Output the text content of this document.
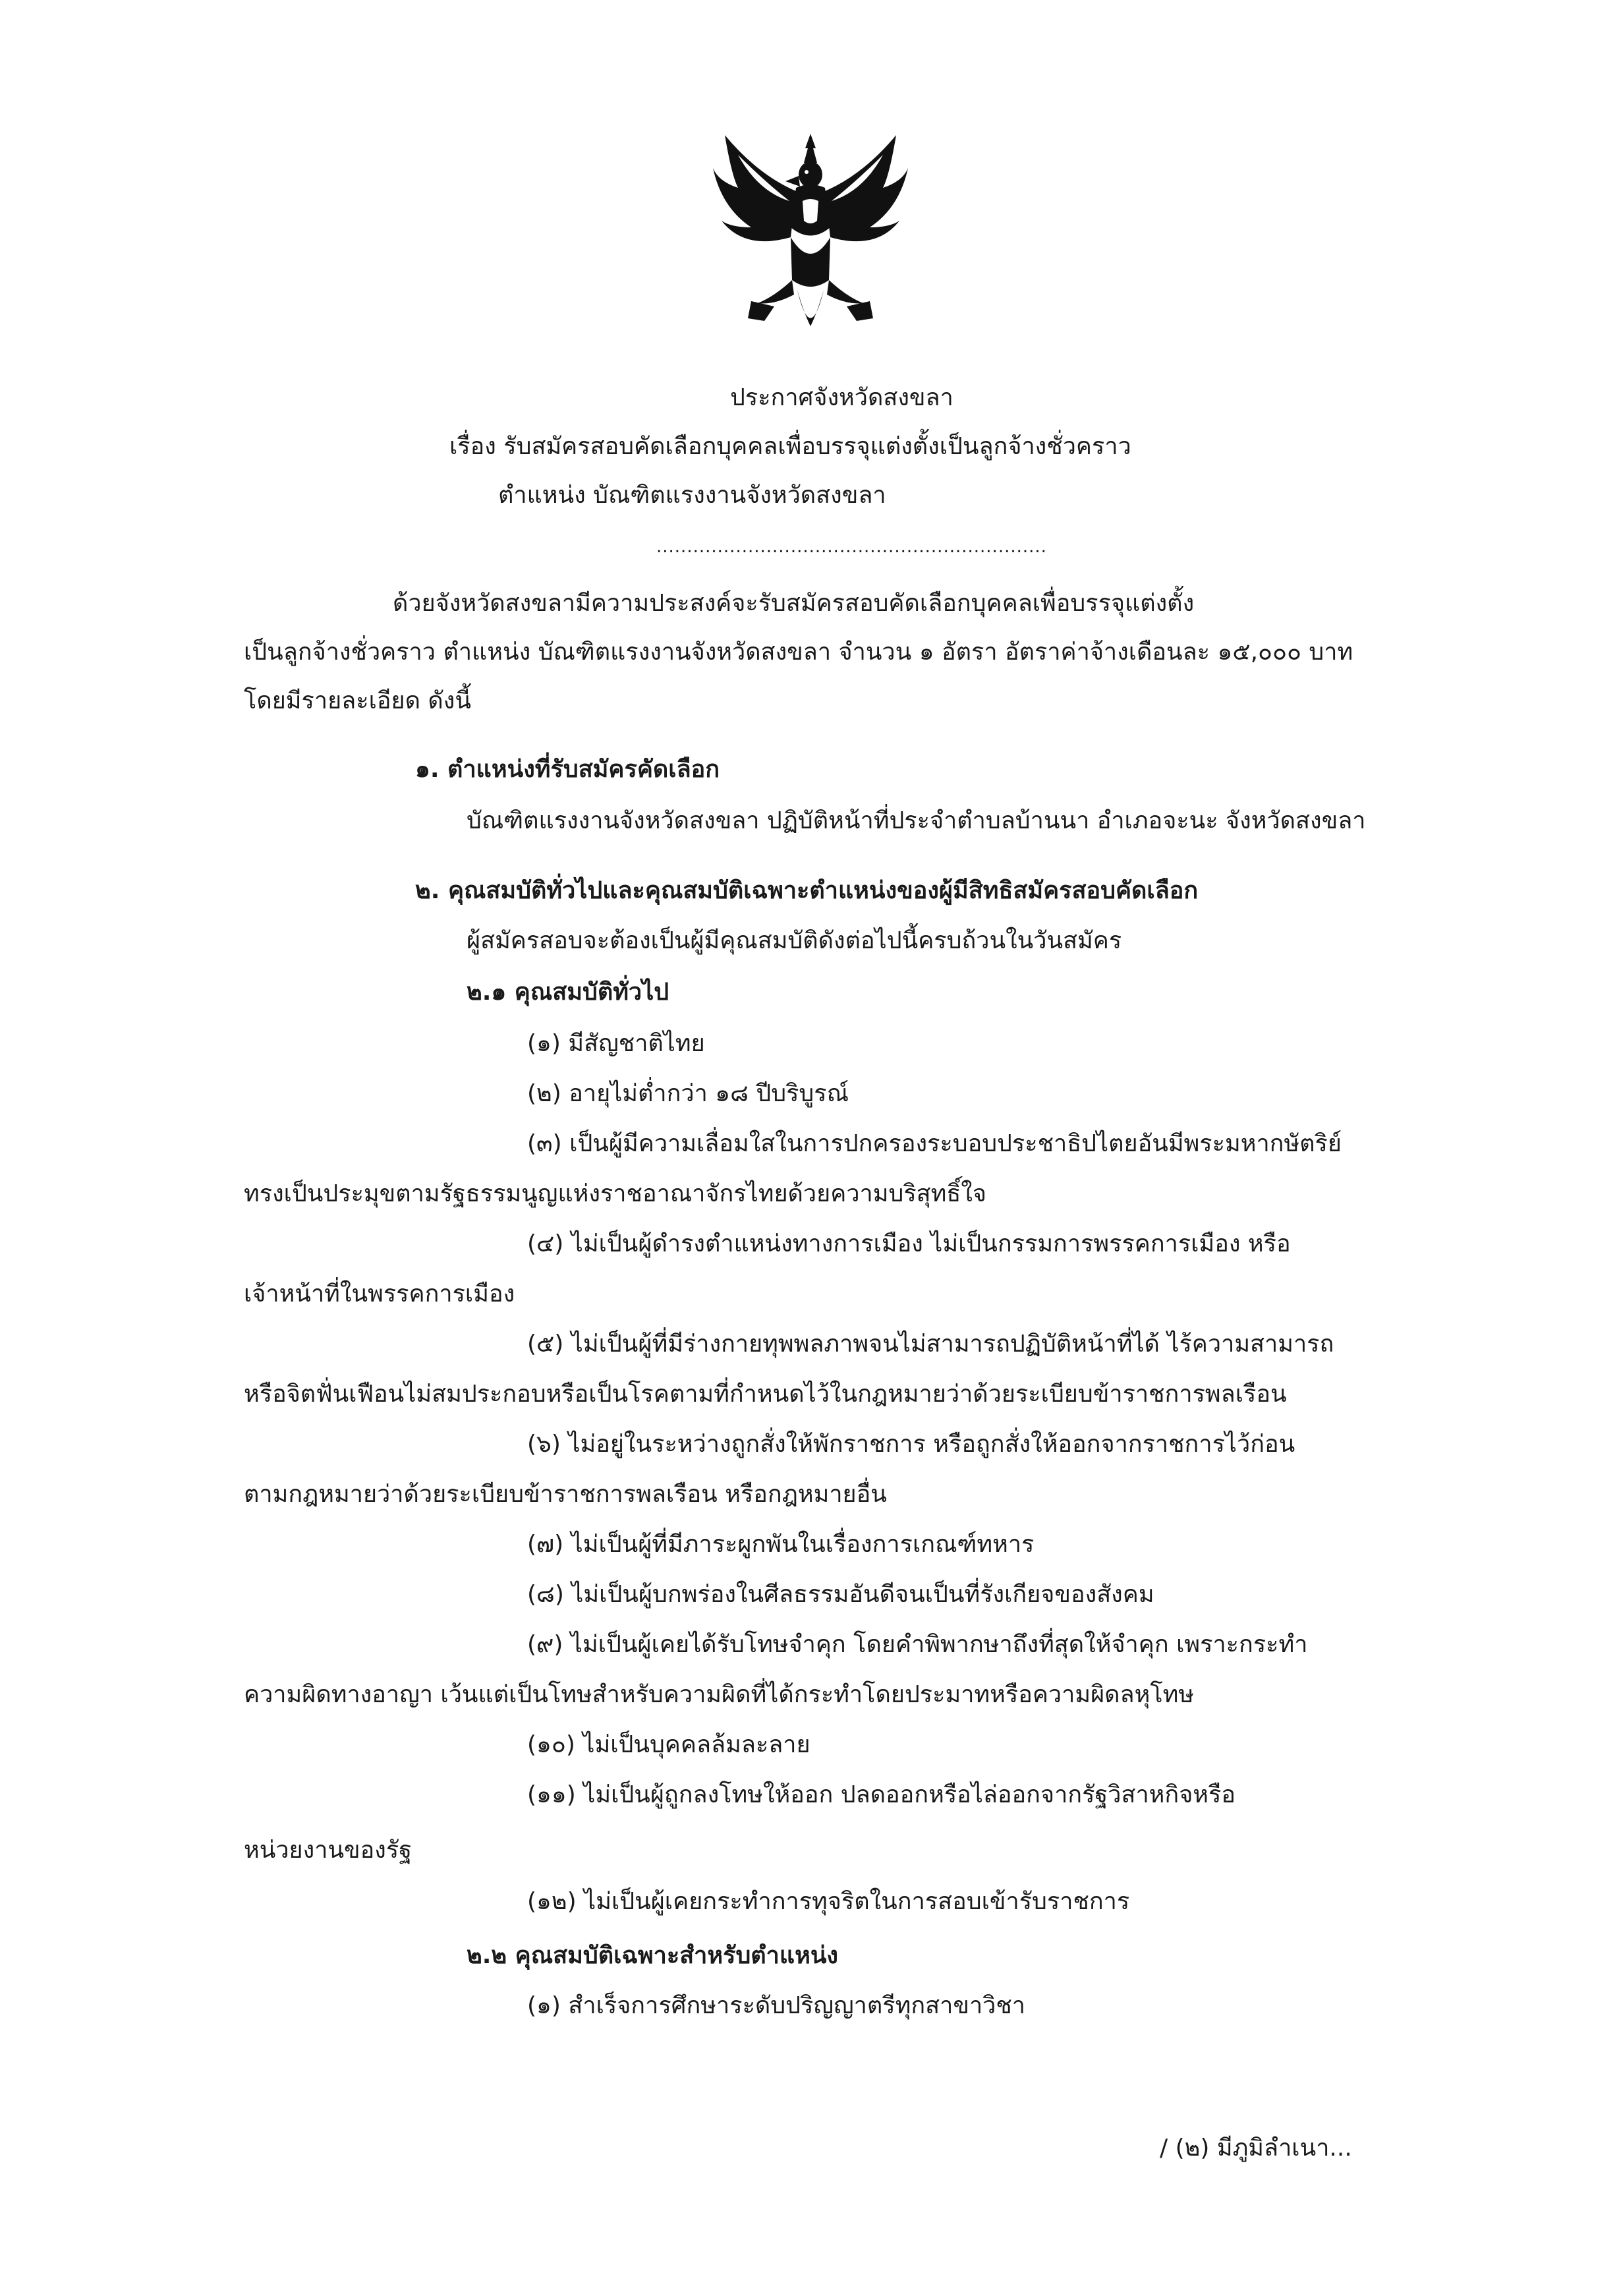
ประกาศจังหวัดสงขลา
เรื่อง รับสมัครสอบคัดเลือกบุคคลเพื่อบรรจุแต่งตั้งเป็นลูกจ้างชั่วคราว
ตำแหน่ง บัณฑิตแรงงานจังหวัดสงขลา
................................................................
ด้วยจังหวัดสงขลามีความประสงค์จะรับสมัครสอบคัดเลือกบุคคลเพื่อบรรจุแต่งตั้ง
เป็นลูกจ้างชั่วคราว ตำแหน่ง บัณฑิตแรงงานจังหวัดสงขลา จำนวน ๑ อัตรา อัตราค่าจ้างเดือนละ ๑๕,๐๐๐ บาท
โดยมีรายละเอียด ดังนี้
๑. ตำแหน่งที่รับสมัครคัดเลือก
บัณฑิตแรงงานจังหวัดสงขลา ปฏิบัติหน้าที่ประจำตำบลบ้านนา อำเภอจะนะ จังหวัดสงขลา
๒. คุณสมบัติทั่วไปและคุณสมบัติเฉพาะตำแหน่งของผู้มีสิทธิสมัครสอบคัดเลือก
ผู้สมัครสอบจะต้องเป็นผู้มีคุณสมบัติดังต่อไปนี้ครบถ้วนในวันสมัคร
๒.๑ คุณสมบัติทั่วไป
(๑) มีสัญชาติไทย
(๒) อายุไม่ต่ำกว่า ๑๘ ปีบริบูรณ์
(๓) เป็นผู้มีความเลื่อมใสในการปกครองระบอบประชาธิปไตยอันมีพระมหากษัตริย์
ทรงเป็นประมุขตามรัฐธรรมนูญแห่งราชอาณาจักรไทยด้วยความบริสุทธิ์ใจ
(๔) ไม่เป็นผู้ดำรงตำแหน่งทางการเมือง ไม่เป็นกรรมการพรรคการเมือง หรือ
เจ้าหน้าที่ในพรรคการเมือง
(๕) ไม่เป็นผู้ที่มีร่างกายทุพพลภาพจนไม่สามารถปฏิบัติหน้าที่ได้ ไร้ความสามารถ
หรือจิตฟั่นเฟือนไม่สมประกอบหรือเป็นโรคตามที่กำหนดไว้ในกฎหมายว่าด้วยระเบียบข้าราชการพลเรือน
(๖) ไม่อยู่ในระหว่างถูกสั่งให้พักราชการ หรือถูกสั่งให้ออกจากราชการไว้ก่อน
ตามกฎหมายว่าด้วยระเบียบข้าราชการพลเรือน หรือกฎหมายอื่น
(๗) ไม่เป็นผู้ที่มีภาระผูกพันในเรื่องการเกณฑ์ทหาร
(๘) ไม่เป็นผู้บกพร่องในศีลธรรมอันดีจนเป็นที่รังเกียจของสังคม
(๙) ไม่เป็นผู้เคยได้รับโทษจำคุก โดยคำพิพากษาถึงที่สุดให้จำคุก เพราะกระทำ
ความผิดทางอาญา เว้นแต่เป็นโทษสำหรับความผิดที่ได้กระทำโดยประมาทหรือความผิดลหุโทษ
(๑๐) ไม่เป็นบุคคลล้มละลาย
(๑๑) ไม่เป็นผู้ถูกลงโทษให้ออก ปลดออกหรือไล่ออกจากรัฐวิสาหกิจหรือ
หน่วยงานของรัฐ
(๑๒) ไม่เป็นผู้เคยกระทำการทุจริตในการสอบเข้ารับราชการ
๒.๒ คุณสมบัติเฉพาะสำหรับตำแหน่ง
(๑) สำเร็จการศึกษาระดับปริญญาตรีทุกสาขาวิชา
/ (๒) มีภูมิลำเนา...
